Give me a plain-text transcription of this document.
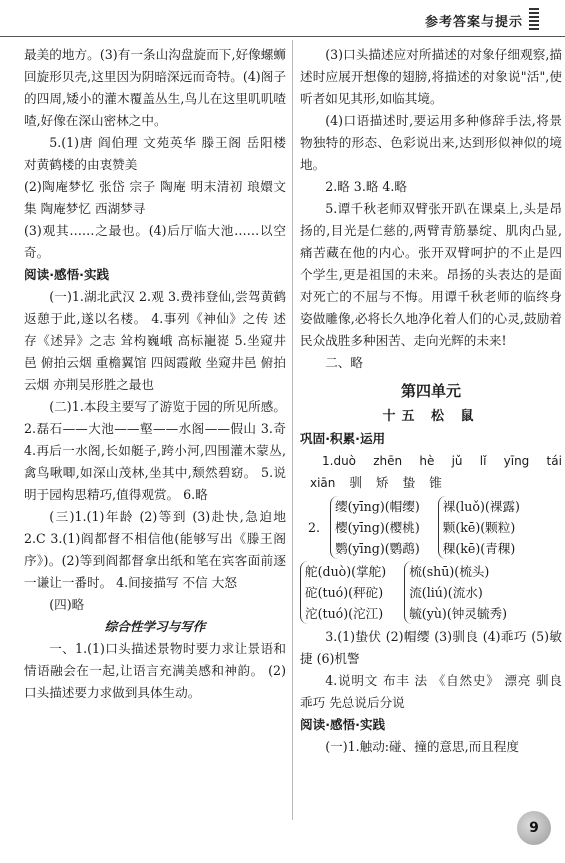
参考答案与提示

最美的地方。(3)有一条山沟盘旋而下,好像螺蛳回旋形贝壳,这里因为阴暗深远而奇特。(4)阁子的四周,矮小的灌木覆盖丛生,鸟儿在这里叽叽喳喳,好像在深山密林之中。

5.(1)唐 阎伯理 文苑英华 滕王阁 岳阳楼 对黄鹤楼的由衷赞美

(2)陶庵梦忆 张岱 宗子 陶庵 明末清初 琅嬛文集 陶庵梦忆 西湖梦寻

(3)观其……之最也。(4)后厅临大池……以空奇。

阅读·感悟·实践

(一)1.湖北武汉 2.观 3.费祎登仙,尝驾黄鹤返憩于此,遂以名楼。 4.事列《神仙》之传 述存《述异》之志 耸构巍峨 高标巃嵸 5.坐窥井邑 俯拍云烟 重檐翼馆 四闼霞敞 坐窥井邑 俯拍云烟 亦荆吴形胜之最也

(二)1.本段主要写了游览于园的所见所感。 2.磊石——大池——壑——水阁——假山 3.奇 4.再后一水阁,长如艇子,跨小河,四围灌木蒙丛,禽鸟啾唧,如深山茂林,坐其中,颓然碧窈。 5.说明于园构思精巧,值得观赏。 6.略

(三)1.(1)年龄 (2)等到 (3)赴快,急迫地 2.C 3.(1)阎都督不相信他(能够写出《滕王阁序》)。(2)等到阎都督拿出纸和笔在宾客面前逐一谦让一番时。 4.间接描写 不信 大怒

(四)略

综合性学习与写作

一、1.(1)口头描述景物时要力求让景语和情语融会在一起,让语言充满美感和神韵。 (2)口头描述要力求做到具体生动。

(3)口头描述应对所描述的对象仔细观察,描述时应展开想像的翅膀,将描述的对象说"活",使听者如见其形,如临其境。

(4)口语描述时,要运用多种修辞手法,将景物独特的形态、色彩说出来,达到形似神似的境地。

2.略 3.略 4.略

5.谭千秋老师双臂张开趴在课桌上,头是昂扬的,目光是仁慈的,两臂青筋暴绽、肌肉凸显,痛苦藏在他的内心。张开双臂呵护的不止是四个学生,更是祖国的未来。昂扬的头表达的是面对死亡的不屈与不悔。用谭千秋老师的临终身姿做雕像,必将长久地净化着人们的心灵,鼓励着民众战胜多种困苦、走向光辉的未来!

二、略

第四单元

十五 松 鼠

巩固·积累·运用

1.duò zhēn hè jǔ lǐ yīng tái
xiān 驯 矫 蛰 锥
2.
缨(yīng)(帽缨)
樱(yīng)(樱桃)
鹦(yīng)(鹦鹉)
裸(luǒ)(裸露)
颗(kē)(颗粒)
稞(kē)(青稞)
舵(duò)(掌舵)
砣(tuó)(秤砣)
沱(tuó)(沱江)
梳(shū)(梳头)
流(liú)(流水)
毓(yù)(钟灵毓秀)

3.(1)蛰伏 (2)帽缨 (3)驯良 (4)乖巧 (5)敏捷 (6)机警

4.说明文 布丰 法 《自然史》 漂亮 驯良 乖巧 先总说后分说

阅读·感悟·实践

(一)1.触动:碰、撞的意思,而且程度

9
